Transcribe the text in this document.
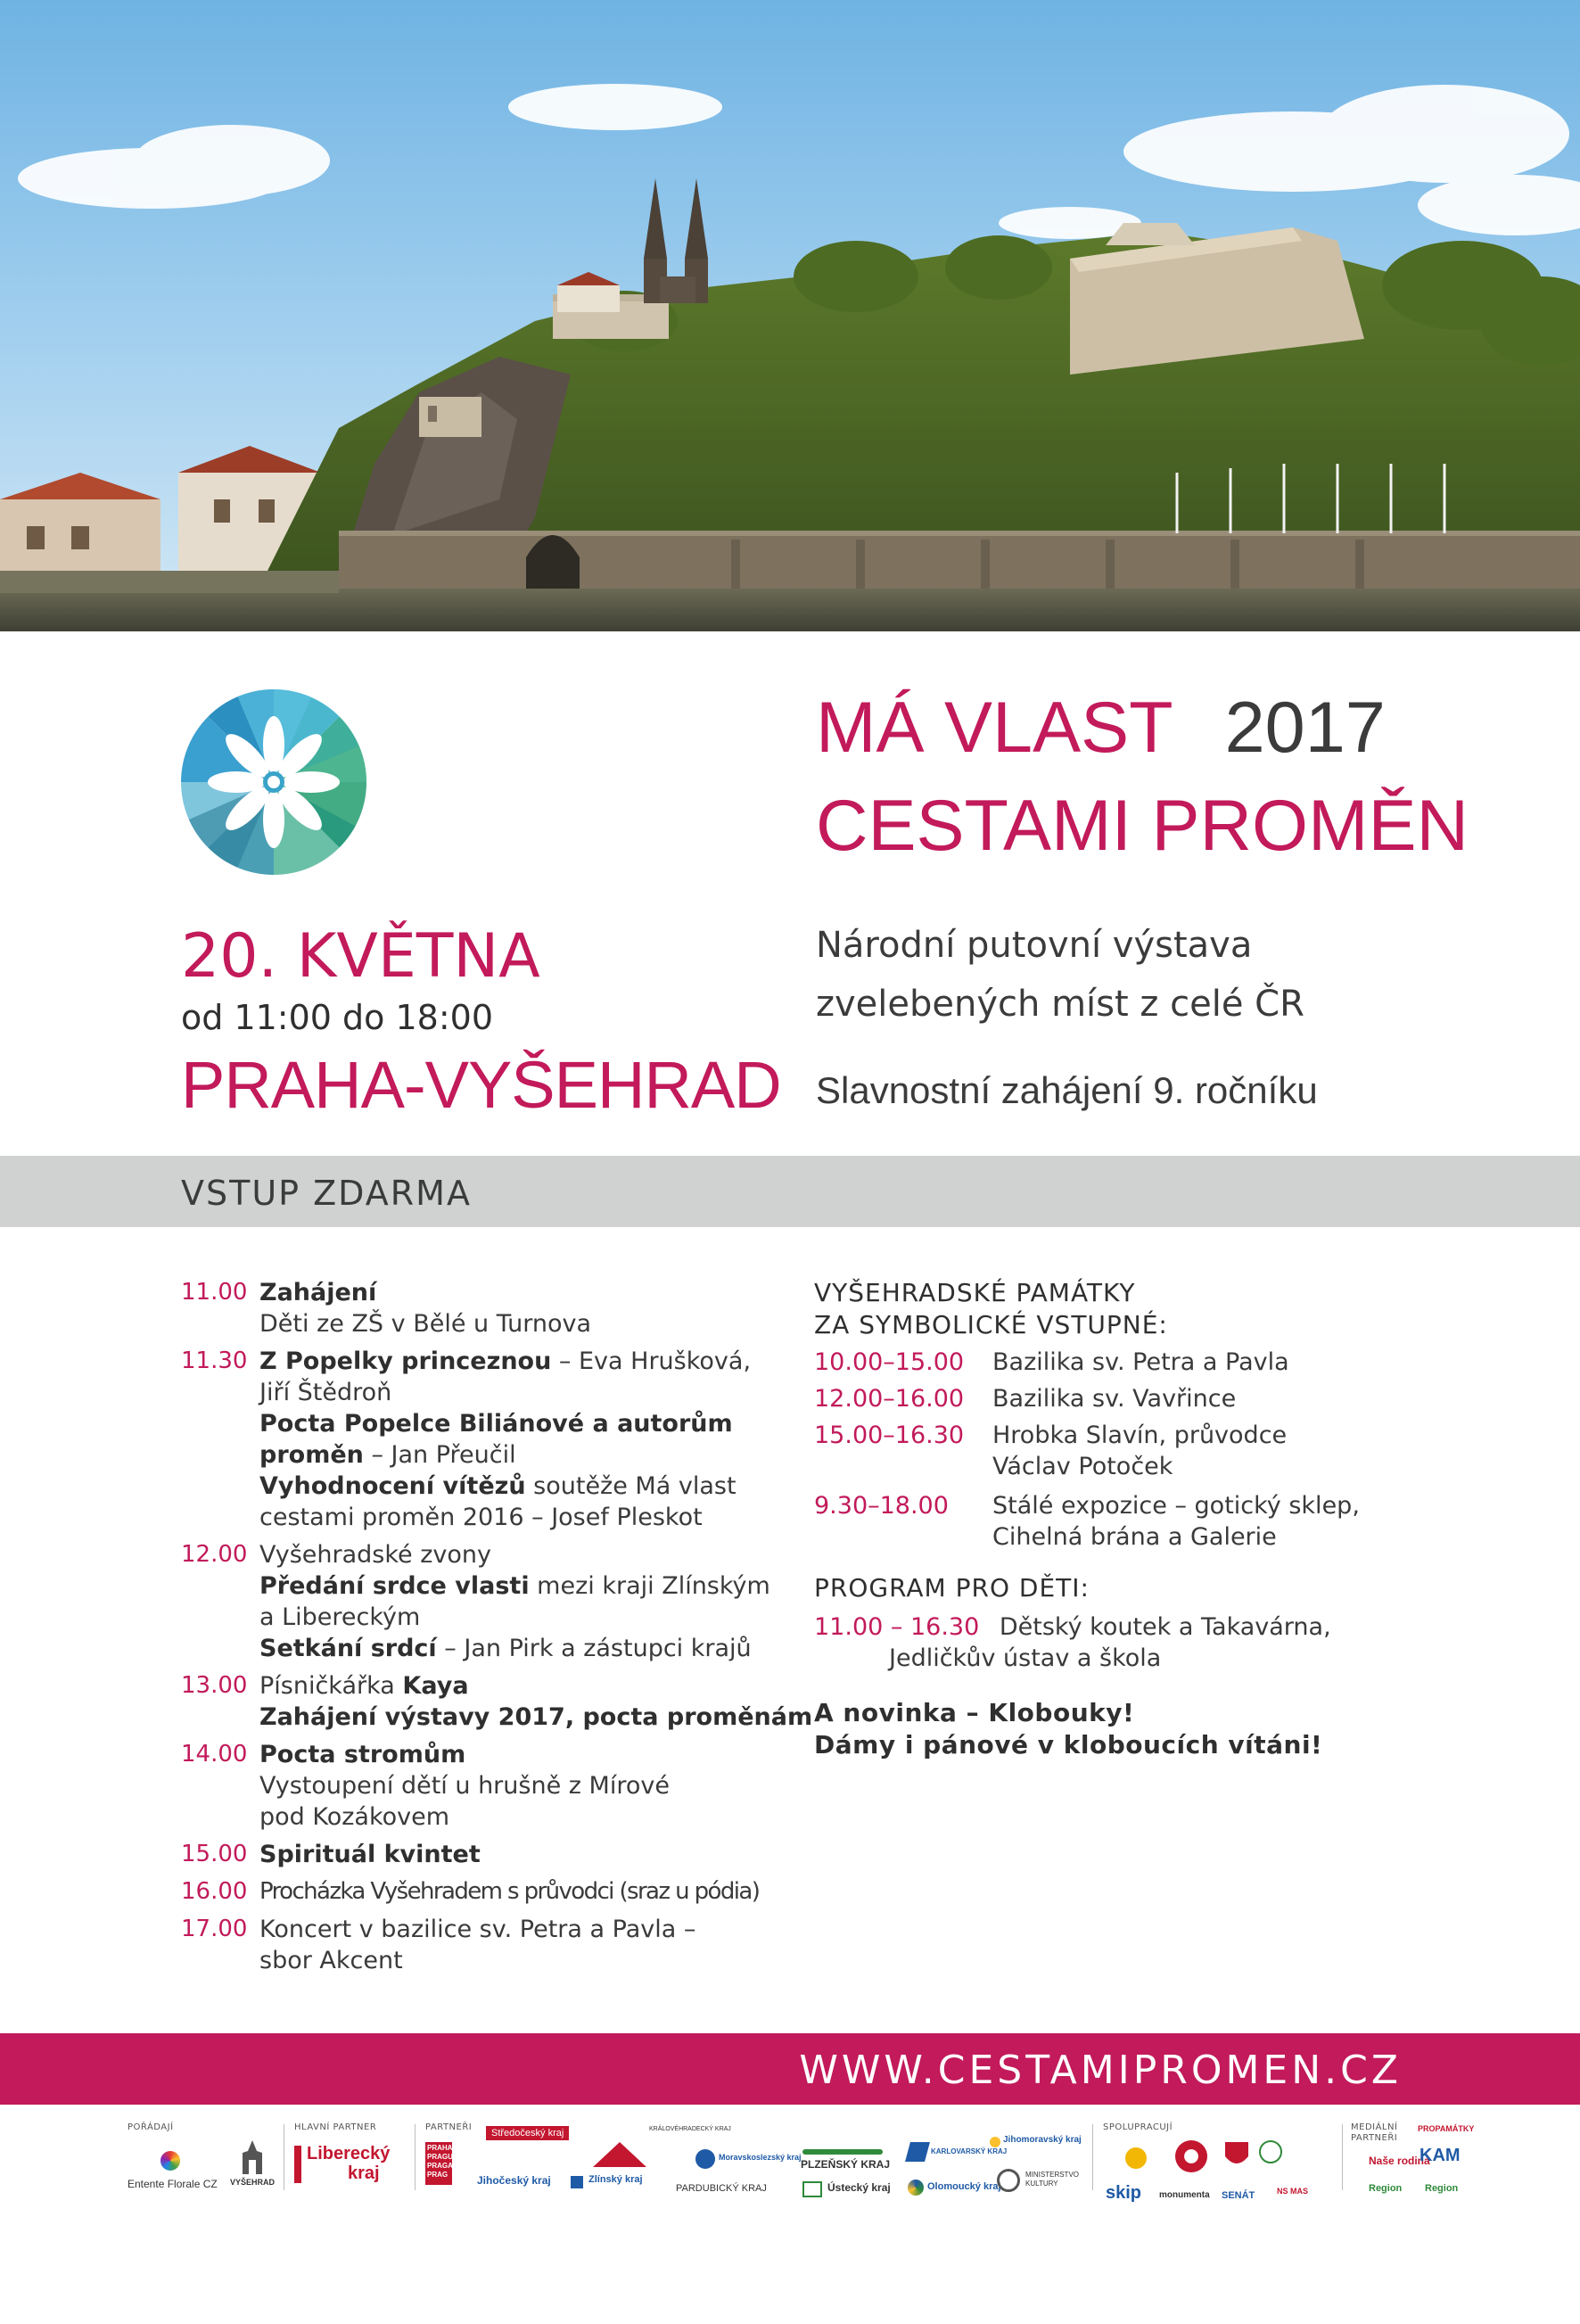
MÁ VLAST 2017
CESTAMI PROMĚN
20. KVĚTNA
od 11:00 do 18:00
PRAHA-VYŠEHRAD
Národní putovní výstava
zvelebených míst z celé ČR
Slavnostní zahájení 9. ročníku
VSTUP ZDARMA
11.00 Zahájení
Děti ze ZŠ v Bělé u Turnova
11.30 Z Popelky princeznou – Eva Hrušková,
Jiří Štědroň
Pocta Popelce Biliánové a autorům
proměn – Jan Přeučil
Vyhodnocení vítězů soutěže Má vlast
cestami proměn 2016 – Josef Pleskot
12.00 Vyšehradské zvony
Předání srdce vlasti mezi kraji Zlínským
a Libereckým
Setkání srdcí – Jan Pirk a zástupci krajů
13.00 Písničkářka Kaya
Zahájení výstavy 2017, pocta proměnám
14.00 Pocta stromům
Vystoupení dětí u hrušně z Mírové
pod Kozákovem
15.00 Spirituál kvintet
16.00 Procházka Vyšehradem s průvodci (sraz u pódia)
17.00 Koncert v bazilice sv. Petra a Pavla –
sbor Akcent
VYŠEHRADSKÉ PAMÁTKY
ZA SYMBOLICKÉ VSTUPNÉ:
10.00–15.00	Bazilika sv. Petra a Pavla
12.00–16.00	Bazilika sv. Vavřince
15.00–16.30	Hrobka Slavín, průvodce
Václav Potoček
9.30–18.00	Stálé expozice – gotický sklep,
Cihelná brána a Galerie
PROGRAM PRO DĚTI:
11.00 – 16.30 Dětský koutek a Takavárna,
Jedličkův ústav a škola
A novinka – Klobouky!
Dámy i pánové v kloboucích vítáni!
WWW.CESTAMIPROMEN.CZ
POŘÁDAJÍ	HLAVNÍ PARTNER	PARTNEŘI	SPOLUPRACUJÍ	MEDIÁLNÍ
PARTNEŘI
Entente Florale CZ VYŠEHRAD
Liberecký
kraj
PRAHA
PRAGUE
PRAGA
PRAG
Středočeský kraj
Jihočeský kraj
KRÁLOVÉHRADECKÝ KRAJ
Zlínský kraj
Moravskoslezský kraj
PARDUBICKÝ KRAJ
PLZEŇSKÝ KRAJ
Ústecký kraj
KARLOVARSKÝ KRAJ
Olomoucký kraj
Jihomoravský kraj
MINISTERSTVO
KULTURY	skip monumenta SENÁT	NS MAS
Naše rodina
Region
PROPAMÁTKY
KAM
Region
